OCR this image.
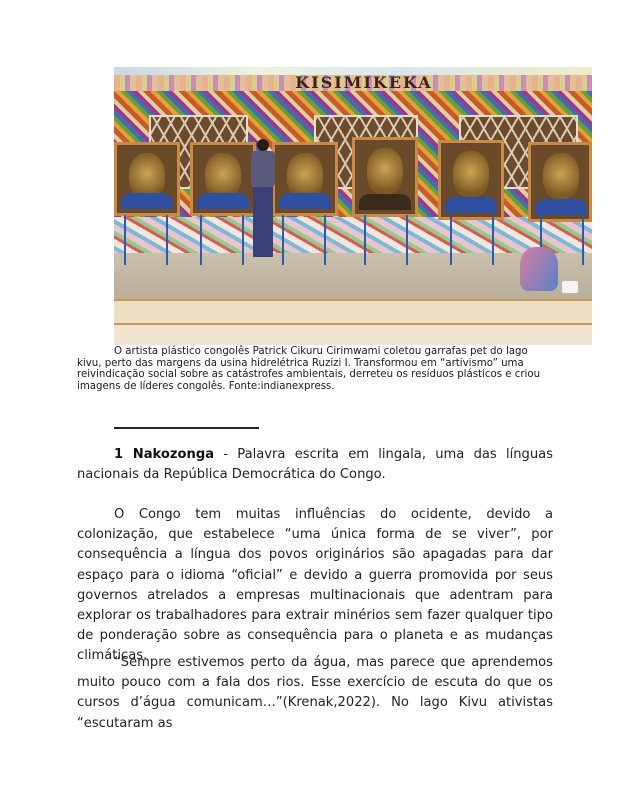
KISIMIKEKA

O artista plástico congolês Patrick Cikuru Cirimwami coletou garrafas pet do lago kivu, perto das margens da usina hidrelétrica Ruzizi I. Transformou em “artivismo” uma reivindicação social sobre as catástrofes ambientais, derreteu os resíduos plásticos e criou imagens de líderes congolês. Fonte:indianexpress.

1 Nakozonga - Palavra escrita em lingala, uma das línguas nacionais da República Democrática do Congo.

O Congo tem muitas influências do ocidente, devido a colonização, que estabelece “uma única forma de se viver”, por consequência a língua dos povos originários são apagadas para dar espaço para o idioma “oficial” e devido a guerra promovida por seus governos atrelados a empresas multinacionais que adentram para explorar os trabalhadores para extrair minérios sem fazer qualquer tipo de ponderação sobre as consequência para o planeta e as mudanças climáticas.

“Sempre estivemos perto da água, mas parece que aprendemos muito pouco com a fala dos rios. Esse exercício de escuta do que os cursos d’água comunicam…”(Krenak,2022). No lago Kivu ativistas “escutaram as
